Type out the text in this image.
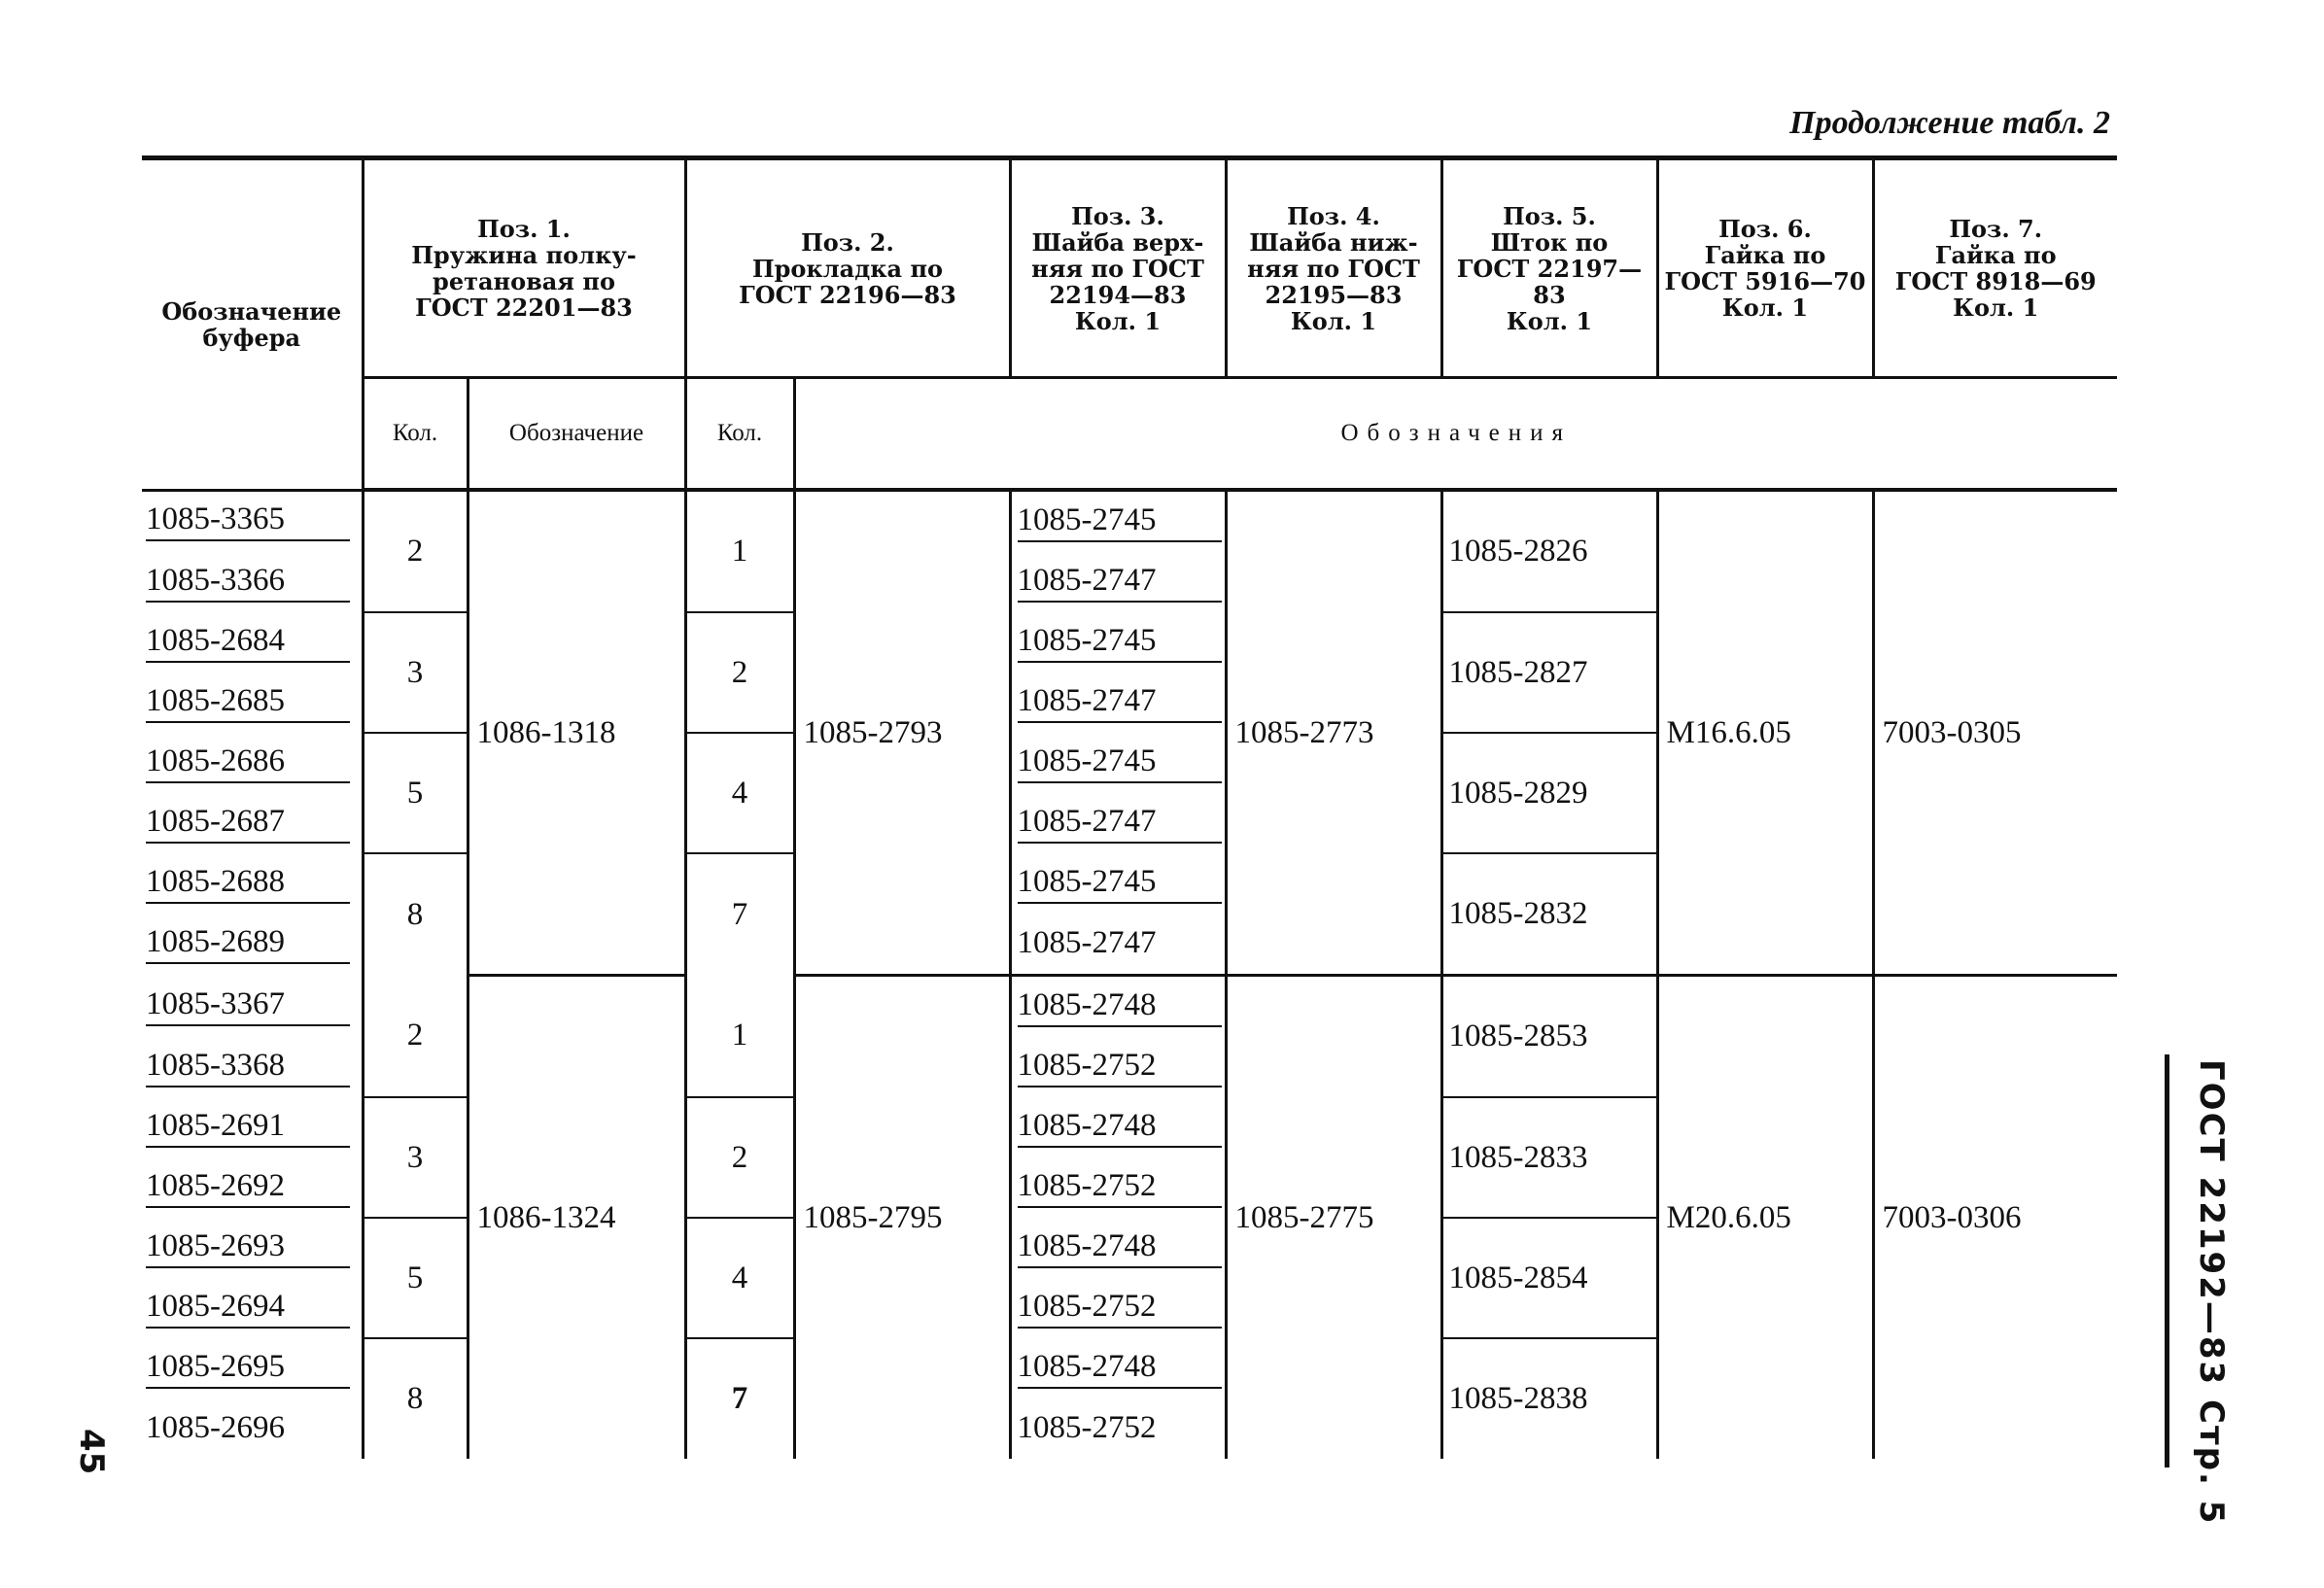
Продолжение табл. 2
Обозначение буфера	Поз. 1.
Пружина полку-
ретановая по
ГОСТ 22201—83		Поз. 2.
Прокладка по
ГОСТ 22196—83		Поз. 3.
Шайба верх-
няя по ГОСТ
22194—83
Кол. 1	Поз. 4.
Шайба ниж-
няя по ГОСТ
22195—83
Кол. 1	Поз. 5.
Шток по
ГОСТ 22197—83
Кол. 1	Поз. 6.
Гайка по
ГОСТ 5916—70
Кол. 1	Поз. 7.
Гайка по
ГОСТ 8918—69
Кол. 1

	Кол.	Обозначение	Кол.	Обозначения					

1085-3365	2	1086-1318	1	1085-2793	1085-2745	1085-2773	1085-2826	M16.6.05	7003-0305

1085-3366					1085-2747				

1085-2684	3		2		1085-2745		1085-2827		

1085-2685					1085-2747				

1085-2686	5		4		1085-2745		1085-2829		

1085-2687					1085-2747				

1085-2688	8		7		1085-2745		1085-2832		

1085-2689					1085-2747				

1085-3367	2	1086-1324	1	1085-2795	1085-2748	1085-2775	1085-2853	M20.6.05	7003-0306

1085-3368					1085-2752				

1085-2691	3		2		1085-2748		1085-2833		

1085-2692					1085-2752				

1085-2693	5		4		1085-2748		1085-2854		

1085-2694					1085-2752				

1085-2695	8		7		1085-2748		1085-2838		

1085-2696					1085-2752					ГОСТ 22192—83 Стр. 5
45
